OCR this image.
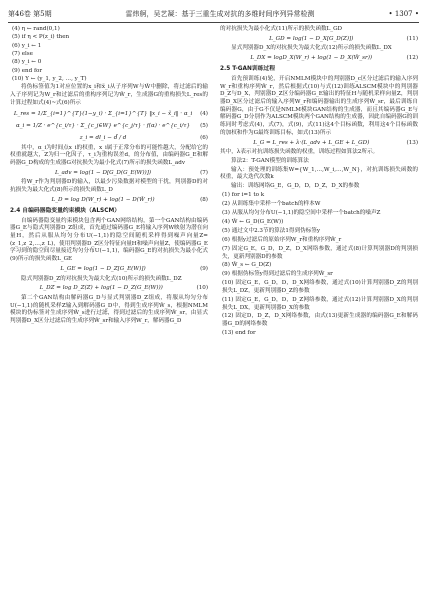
第46卷 第5期	雷炜舸，吴艺凝：基于三重生成对抗的多维时间序列异常检测	• 1307 •
(4) η ← rand(0,1)
(5) if η < P(z_i) then
(6) y_i ← 1
(7) else
(8) y_i ← 0
(9) end for
(10) Y ← (y_1, y_2, …, y_T)

将伪标签值为1对应位置的x_i和x̃_i从子序列W与W̃中删除，将过滤后的输入子序列记为W_r和过滤后的重构序列记为W̃_r，生成器G的重构损失L_res的计算过程如式(4)~式(6)所示

L_res = 1/Σ_{i=1}^{T}(1−y_i) · Σ_{i=1}^{T} ‖x_i − x̃_i‖ · α_i	(4)
α_i = 1/Z · e^{c_i/τ} · Σ_{c_j∈W} e^{c_j/τ} · f(α) · e^{c_i/τ}	(5)
z_i = dl_i − d̄ / d	(6)

其中，α_i为时间点x_i的权重，x_i属于正常分布的可能性越大，分配给它的权重就越大，Z为归一化因子，τ_i为重构误差d，的分布值，由编码器G_E和解码器G_D构成的生成器G对抗损失为最小化式(7)所示的损失函数L_adv

L_adv = log(1 − D[G_D(G_E(W))])	(7)

将W_r作为判别器D的输入，以最少污染数据对模型的干扰，判别器D的对抗损失为最大化式(8)所示的损失函数L_D

L_D = log D(W_r) + log(1 − D(W̃_r))	(8)
2.4 自编码器隐变量约束模块（ALSCM）

自编码器隐变量约束模块包含两个GAN网络结构，第一个GAN结构由编码器G_E与隐式判别器D_Z组成，首先通过编码器G_E将输入序列W映射为潜在向量H，然后从服从均匀分布U(−1,1)的隐空间随机采样得到噪声向量Z=(z_1,z_2,…,z_L)，使用判别器D_Z区分特征向量H和噪声向量Z，使编码器G_E学习到的隐空间尽量接近均匀分布U(−1,1)，编码器G_E的对抗损失为最小化式(9)所示的损失函数L_GE

L_GE = log(1 − D_Z[G_E(W)])	(9)

隐式判别器D_Z的对抗损失为最大化式(10)所示的损失函数L_DZ

L_DZ = log D_Z(Z) + log(1 − D_Z(G_E(W)))	(10)

第二个GAN结构由解码器G_D与显式判别器D_Z组成，将服从均匀分布U(−1,1)的随机采样Z输入到解码器G_D中，得到生成序列W̃_s，根据NMLM模块的伪标签对生成序列W̃_s进行过滤，得到过滤后的生成序列W̃_sr，由显式判别器D_X区分过滤后的生成序列W̃_sr和输入序列W_r，解码器G_D

的对抗损失为最小化式(11)所示的损失函数L_GD

L_GD = log(1 − D_X[G_D(Z)])	(11)

显式判别器D_X的对抗损失为最大化式(12)所示的损失函数L_DX

L_DX = logD_X(W_r) + log(1 − D_X(W̃_sr))	(12)
2.5 T-GAN训练过程

首先预训练(4)轮，开启NMLM模块中的判别器D_c区分过滤后的输入序列W_r和重构序列W̃_r，然后根据式(10)与式(12)训练ALSCM模块中的判别器D_Z与D_X，判别器D_Z区分编码器G_E输出的特征H与随机采样向量Z，判别器D_X区分过滤后的输入序列W_r和编码器输出的生成序列W̃_sr，最后训练自编码器G，由于G不仅是NMLM模块GAN结构的生成器，而且其编码器G_E与解码器G_D分别作为ALSCM模块两个GAN结构的生成器，因此自编码器G的训练同时考虑式(4)，式(7)，式(9)，式(11)这4个目标函数，利用这4个目标函数的加权和作为G最终训练目标，如式(13)所示

L_G = L_res + λ·(L_adv + L_GE + L_GD)	(13)

其中，λ表示对抗训练损失函数的权重，训练过程如算法2所示。

算法2：T-GAN模型的训练算法

输入：预处理的训练集W={W_1,…,W_i,…,W_N}，对抗训练损失函数的权重，最大迭代次数k

输出：训练网络G_E，G_D，D，D_Z，D_X的参数

(1) for i=1 to k
(2) 从训练集中采样一个batch的样本W

(3) 从服从均匀分布U(−1,1)的隐空间中采样一个batch的噪声Z

(4) W̃ ← G_D(G_E(W))
(5) 通过文中2.3节的算法1得到伪标签y

(6) 根据y过滤后的原始序列W_r和重构序列W̃_r

(7) 固定G_E，G_D，D_Z，D_X网络参数，通过式(8)计算判别器D的判别损失，更新判别器D的参数

(8) W̃_s ← G_D(Z)
(9) 根据伪标签y得到过滤后的生成序列W̃_sr

(10) 固定G_E，G_D，D，D_X网络参数，通过式(10)计算判别器D_Z的判别损失L_DZ，更新判别器D_Z的参数

(11) 固定G_E，G_D，D，D_Z网络参数，通过式(12)计算判别器D_X的判别损失L_DX，更新判别器D_X的参数

(12) 固定D，D_Z，D_X网络参数，由式(13)更新生成器的编码器G_E和解码器G_D的网络参数

(13) end for
